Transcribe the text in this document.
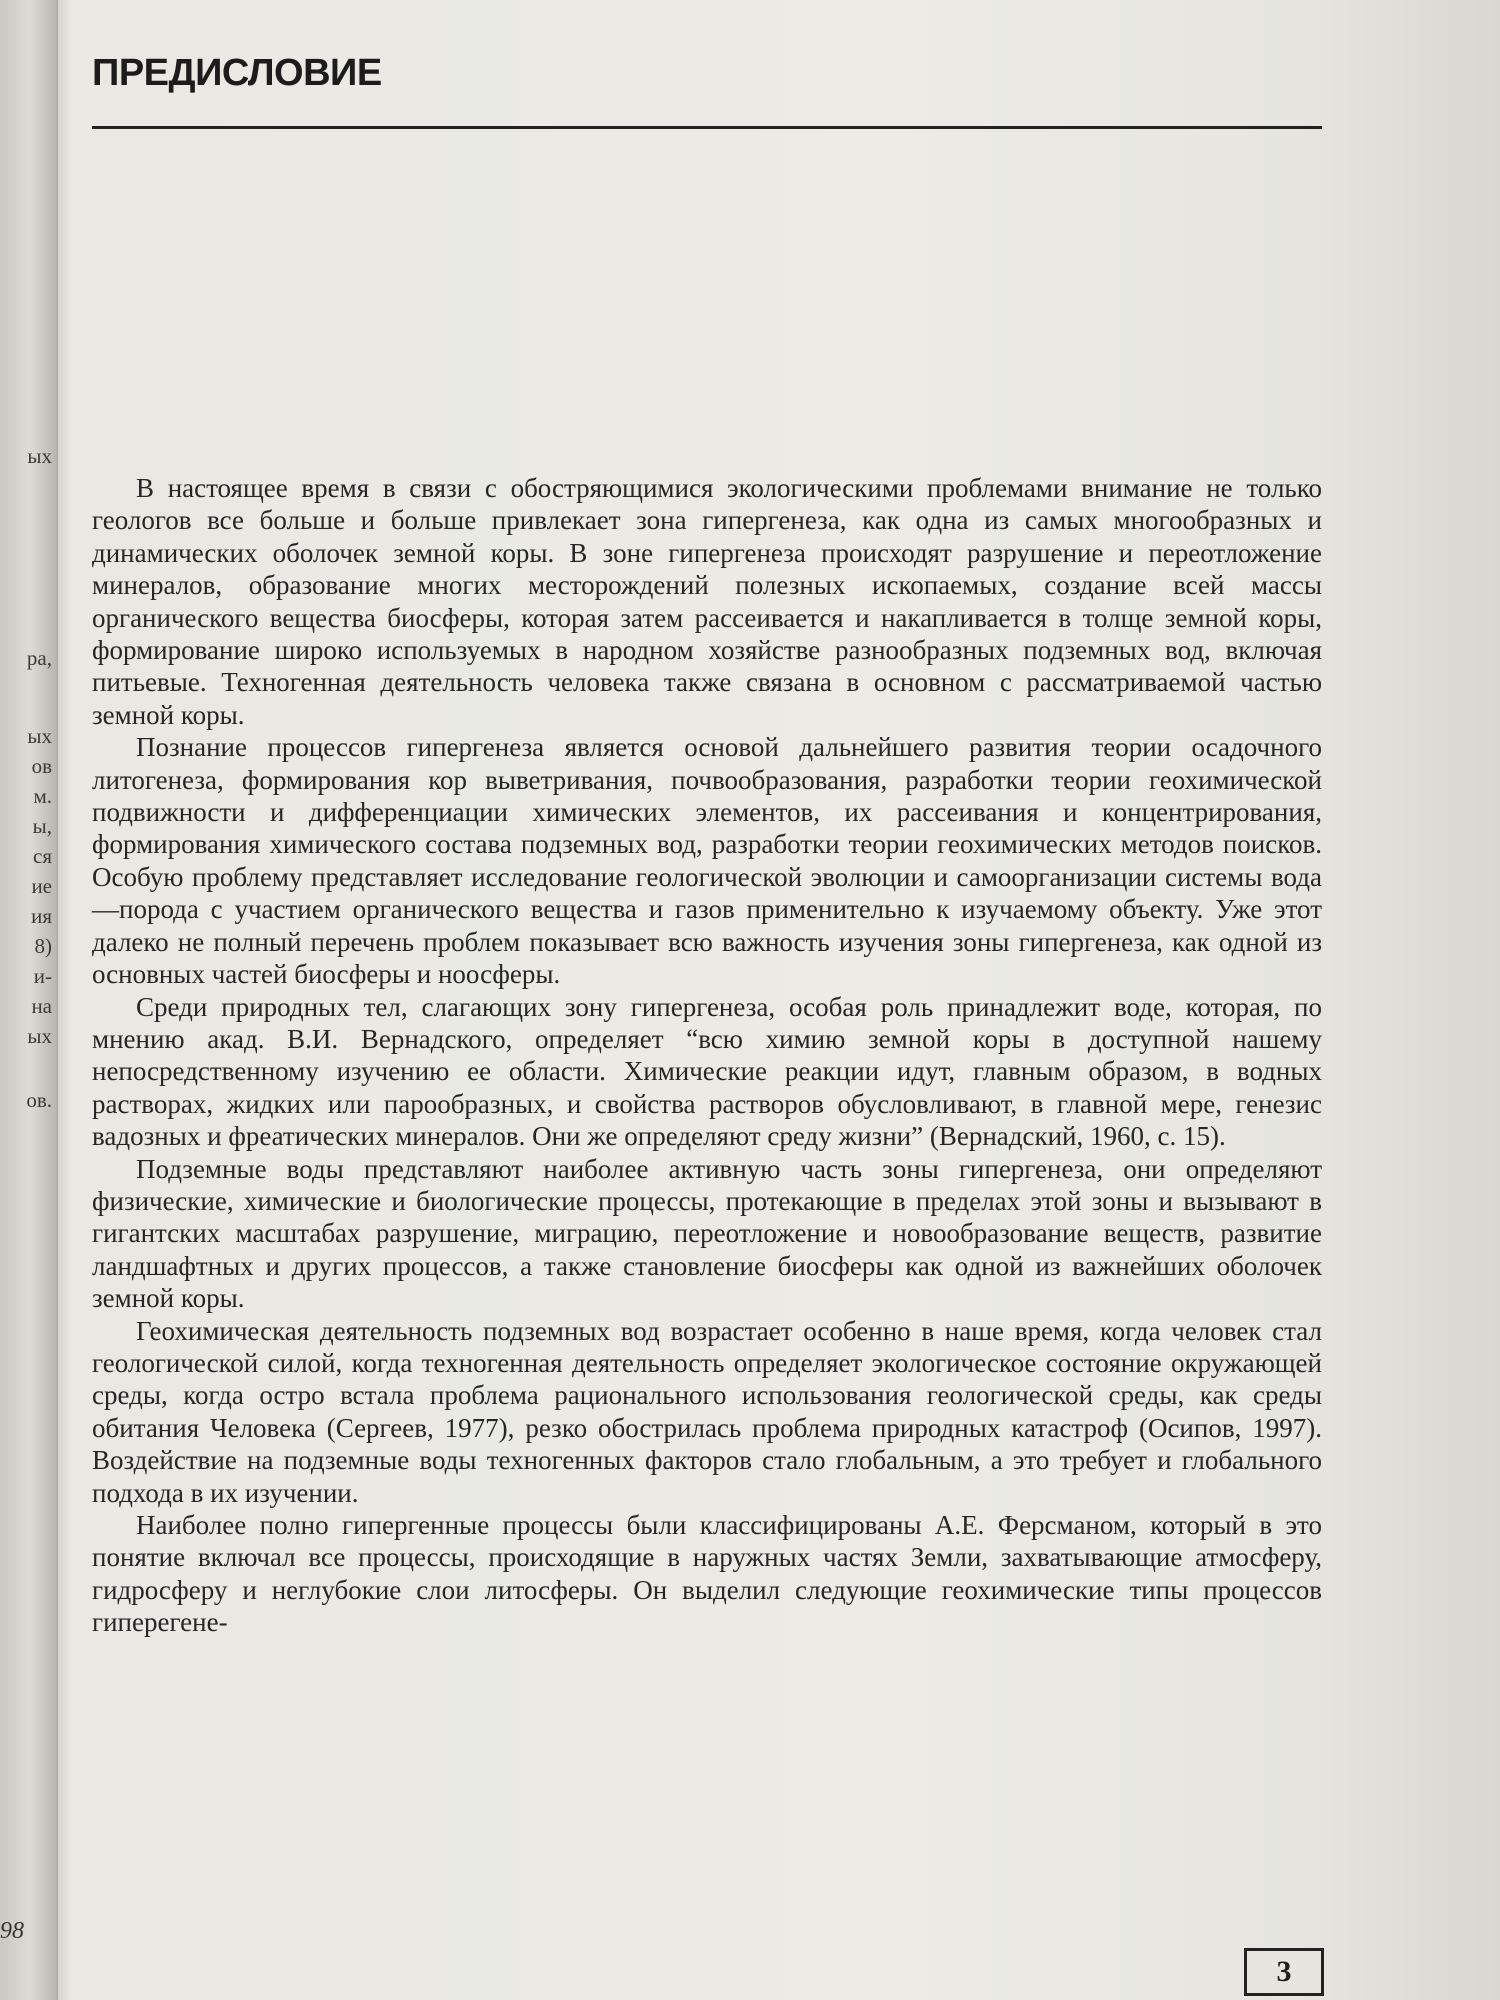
ых
ра,
ых
ов
м.
ы,
ся
ие
ия
8)
и-
на
ых
ов.
98
ПРЕДИСЛОВИЕ

В настоящее время в связи с обостряющимися экологическими проблемами внимание не только геологов все больше и больше привлекает зона гипергенеза, как одна из самых многообразных и динамических оболочек земной коры. В зоне гипергенеза происходят разрушение и переотложение минералов, образование многих месторождений полезных ископаемых, создание всей массы органического вещества биосферы, которая затем рассеивается и накапливается в толще земной коры, формирование широко используемых в народном хозяйстве разнообразных подземных вод, включая питьевые. Техногенная деятельность человека также связана в основном с рассматриваемой частью земной коры.

Познание процессов гипергенеза является основой дальнейшего развития теории осадочного литогенеза, формирования кор выветривания, почвообразования, разработки теории геохимической подвижности и дифференциации химических элементов, их рассеивания и концентрирования, формирования химического состава подземных вод, разработки теории геохимических методов поисков. Особую проблему представляет исследование геологической эволюции и самоорганизации системы вода—порода с участием органического вещества и газов применительно к изучаемому объекту. Уже этот далеко не полный перечень проблем показывает всю важность изучения зоны гипергенеза, как одной из основных частей биосферы и ноосферы.

Среди природных тел, слагающих зону гипергенеза, особая роль принадлежит воде, которая, по мнению акад. В.И. Вернадского, определяет “всю химию земной коры в доступной нашему непосредственному изучению ее области. Химические реакции идут, главным образом, в водных растворах, жидких или парообразных, и свойства растворов обусловливают, в главной мере, генезис вадозных и фреатических минералов. Они же определяют среду жизни” (Вернадский, 1960, с. 15).

Подземные воды представляют наиболее активную часть зоны гипергенеза, они определяют физические, химические и биологические процессы, протекающие в пределах этой зоны и вызывают в гигантских масштабах разрушение, миграцию, переотложение и новообразование веществ, развитие ландшафтных и других процессов, а также становление биосферы как одной из важнейших оболочек земной коры.

Геохимическая деятельность подземных вод возрастает особенно в наше время, когда человек стал геологической силой, когда техногенная деятельность определяет экологическое состояние окружающей среды, когда остро встала проблема рационального использования геологической среды, как среды обитания Человека (Сергеев, 1977), резко обострилась проблема природных катастроф (Осипов, 1997). Воздействие на подземные воды техногенных факторов стало глобальным, а это требует и глобального подхода в их изучении.

Наиболее полно гипергенные процессы были классифицированы А.Е. Ферсманом, который в это понятие включал все процессы, происходящие в наружных частях Земли, захватывающие атмосферу, гидросферу и неглубокие слои литосферы. Он выделил следующие геохимические типы процессов гиперегене-

3
